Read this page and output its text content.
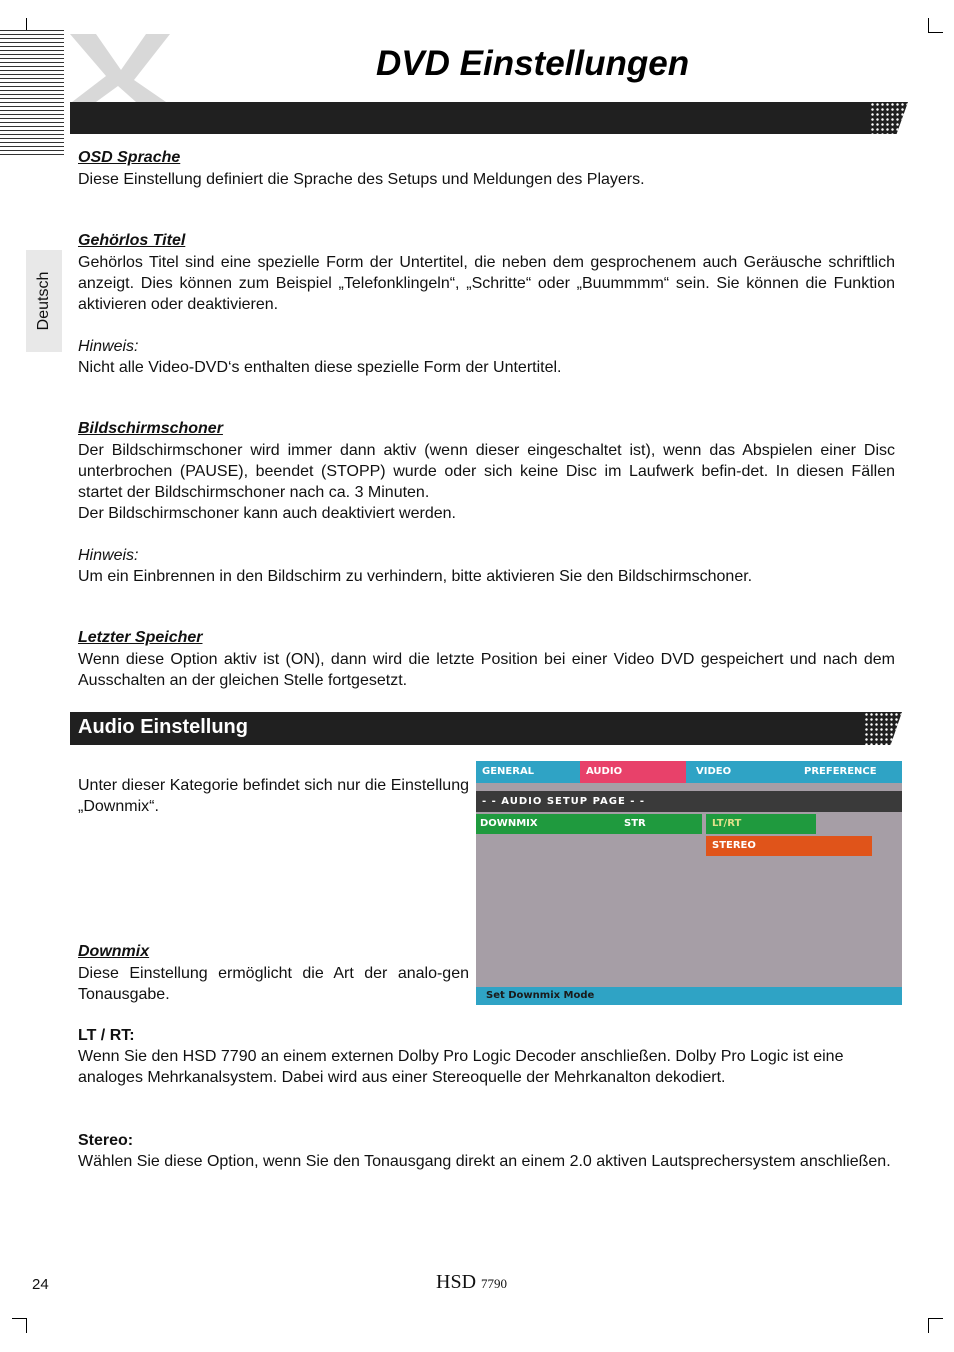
DVD Einstellungen
Deutsch
OSD Sprache
Diese Einstellung definiert die Sprache des Setups und Meldungen des Players.
Gehörlos Titel
Gehörlos Titel sind eine spezielle Form der Untertitel, die neben dem gesprochenem auch Geräusche schriftlich anzeigt. Dies können zum Beispiel „Telefonklingeln“, „Schritte“ oder „Buummmm“ sein. Sie können die Funktion aktivieren oder deaktivieren.
Hinweis:
Nicht alle Video-DVD‘s enthalten diese spezielle Form der Untertitel.
Bildschirmschoner
Der Bildschirmschoner wird immer dann aktiv (wenn dieser eingeschaltet ist), wenn das Abspielen einer Disc unterbrochen (PAUSE), beendet (STOPP) wurde oder sich keine Disc im Laufwerk befin-det. In diesen Fällen startet der Bildschirmschoner nach ca. 3 Minuten.
Der Bildschirmschoner kann auch deaktiviert werden.
Hinweis:
Um ein Einbrennen in den Bildschirm zu verhindern, bitte aktivieren Sie den Bildschirmschoner.
Letzter Speicher
Wenn diese Option aktiv ist (ON), dann wird die letzte Position bei einer Video DVD gespeichert und nach dem Ausschalten an der gleichen Stelle fortgesetzt.
Audio Einstellung
Unter dieser Kategorie befindet sich nur die Einstellung „Downmix“.
GENERAL	AUDIO	VIDEO	PREFERENCE
- - AUDIO SETUP PAGE - -
DOWNMIX	STR	LT/RT
STEREO
Set Downmix Mode
Downmix
Diese Einstellung ermöglicht die Art der analo-gen Tonausgabe.
LT / RT:
Wenn Sie den HSD 7790 an einem externen Dolby Pro Logic Decoder anschließen. Dolby Pro Logic ist eine analoges Mehrkanalsystem. Dabei wird aus einer Stereoquelle der Mehrkanalton dekodiert.
Stereo:
Wählen Sie diese Option, wenn Sie den Tonausgang direkt an einem 2.0 aktiven Lautsprechersystem anschließen.
24	HSD 7790
